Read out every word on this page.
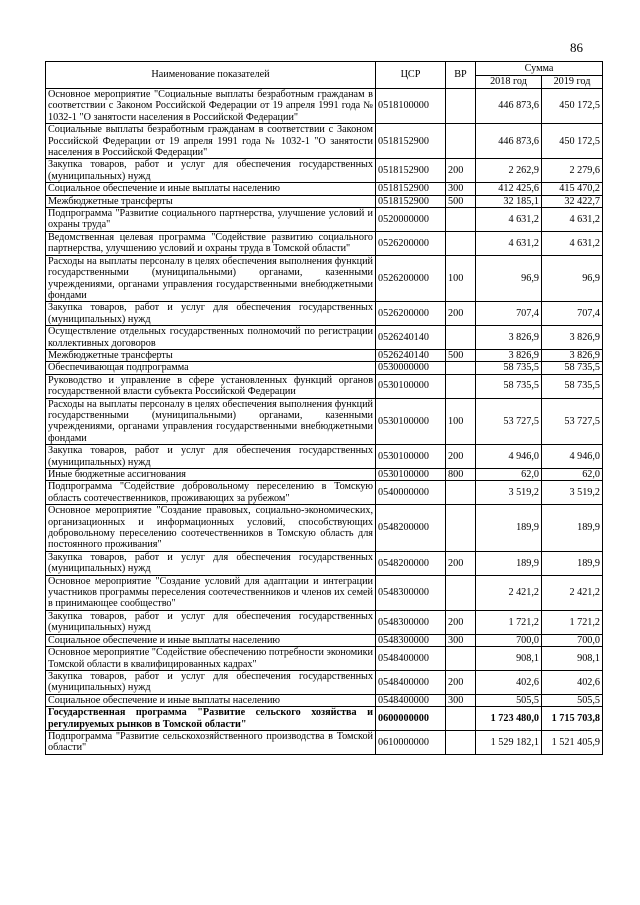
86
Наименование показателей	ЦСР	ВР	Сумма	
			2018 год	2019 год
Основное мероприятие "Социальные выплаты безработным гражданам в соответствии с Законом Российской Федерации от 19 апреля 1991 года № 1032-1 "О занятости населения в Российской Федерации"	0518100000		446 873,6	450 172,5
Социальные выплаты безработным гражданам в соответствии с Законом Российской Федерации от 19 апреля 1991 года № 1032-1 "О занятости населения в Российской Федерации"	0518152900		446 873,6	450 172,5
Закупка товаров, работ и услуг для обеспечения государственных (муниципальных) нужд	0518152900	200	2 262,9	2 279,6
Социальное обеспечение и иные выплаты населению	0518152900	300	412 425,6	415 470,2
Межбюджетные трансферты	0518152900	500	32 185,1	32 422,7
Подпрограмма "Развитие социального партнерства, улучшение условий и охраны труда"	0520000000		4 631,2	4 631,2
Ведомственная целевая программа "Содействие развитию социального партнерства, улучшению условий и охраны труда в Томской области"	0526200000		4 631,2	4 631,2
Расходы на выплаты персоналу в целях обеспечения выполнения функций государственными (муниципальными) органами, казенными учреждениями, органами управления государственными внебюджетными фондами	0526200000	100	96,9	96,9
Закупка товаров, работ и услуг для обеспечения государственных (муниципальных) нужд	0526200000	200	707,4	707,4
Осуществление отдельных государственных полномочий по регистрации коллективных договоров	0526240140		3 826,9	3 826,9
Межбюджетные трансферты	0526240140	500	3 826,9	3 826,9
Обеспечивающая подпрограмма	0530000000		58 735,5	58 735,5
Руководство и управление в сфере установленных функций органов государственной власти субъекта Российской Федерации	0530100000		58 735,5	58 735,5
Расходы на выплаты персоналу в целях обеспечения выполнения функций государственными (муниципальными) органами, казенными учреждениями, органами управления государственными внебюджетными фондами	0530100000	100	53 727,5	53 727,5
Закупка товаров, работ и услуг для обеспечения государственных (муниципальных) нужд	0530100000	200	4 946,0	4 946,0
Иные бюджетные ассигнования	0530100000	800	62,0	62,0
Подпрограмма "Содействие добровольному переселению в Томскую область соотечественников, проживающих за рубежом"	0540000000		3 519,2	3 519,2
Основное мероприятие "Создание правовых, социально-экономических, организационных и информационных условий, способствующих добровольному переселению соотечественников в Томскую область для постоянного проживания"	0548200000		189,9	189,9
Закупка товаров, работ и услуг для обеспечения государственных (муниципальных) нужд	0548200000	200	189,9	189,9
Основное мероприятие "Создание условий для адаптации и интеграции участников программы переселения соотечественников и членов их семей в принимающее сообщество"	0548300000		2 421,2	2 421,2
Закупка товаров, работ и услуг для обеспечения государственных (муниципальных) нужд	0548300000	200	1 721,2	1 721,2
Социальное обеспечение и иные выплаты населению	0548300000	300	700,0	700,0
Основное мероприятие "Содействие обеспечению потребности экономики Томской области в квалифицированных кадрах"	0548400000		908,1	908,1
Закупка товаров, работ и услуг для обеспечения государственных (муниципальных) нужд	0548400000	200	402,6	402,6
Социальное обеспечение и иные выплаты населению	0548400000	300	505,5	505,5
Государственная программа "Развитие сельского хозяйства и регулируемых рынков в Томской области"	0600000000		1 723 480,0	1 715 703,8
Подпрограмма "Развитие сельскохозяйственного производства в Томской области"	0610000000		1 529 182,1	1 521 405,9
